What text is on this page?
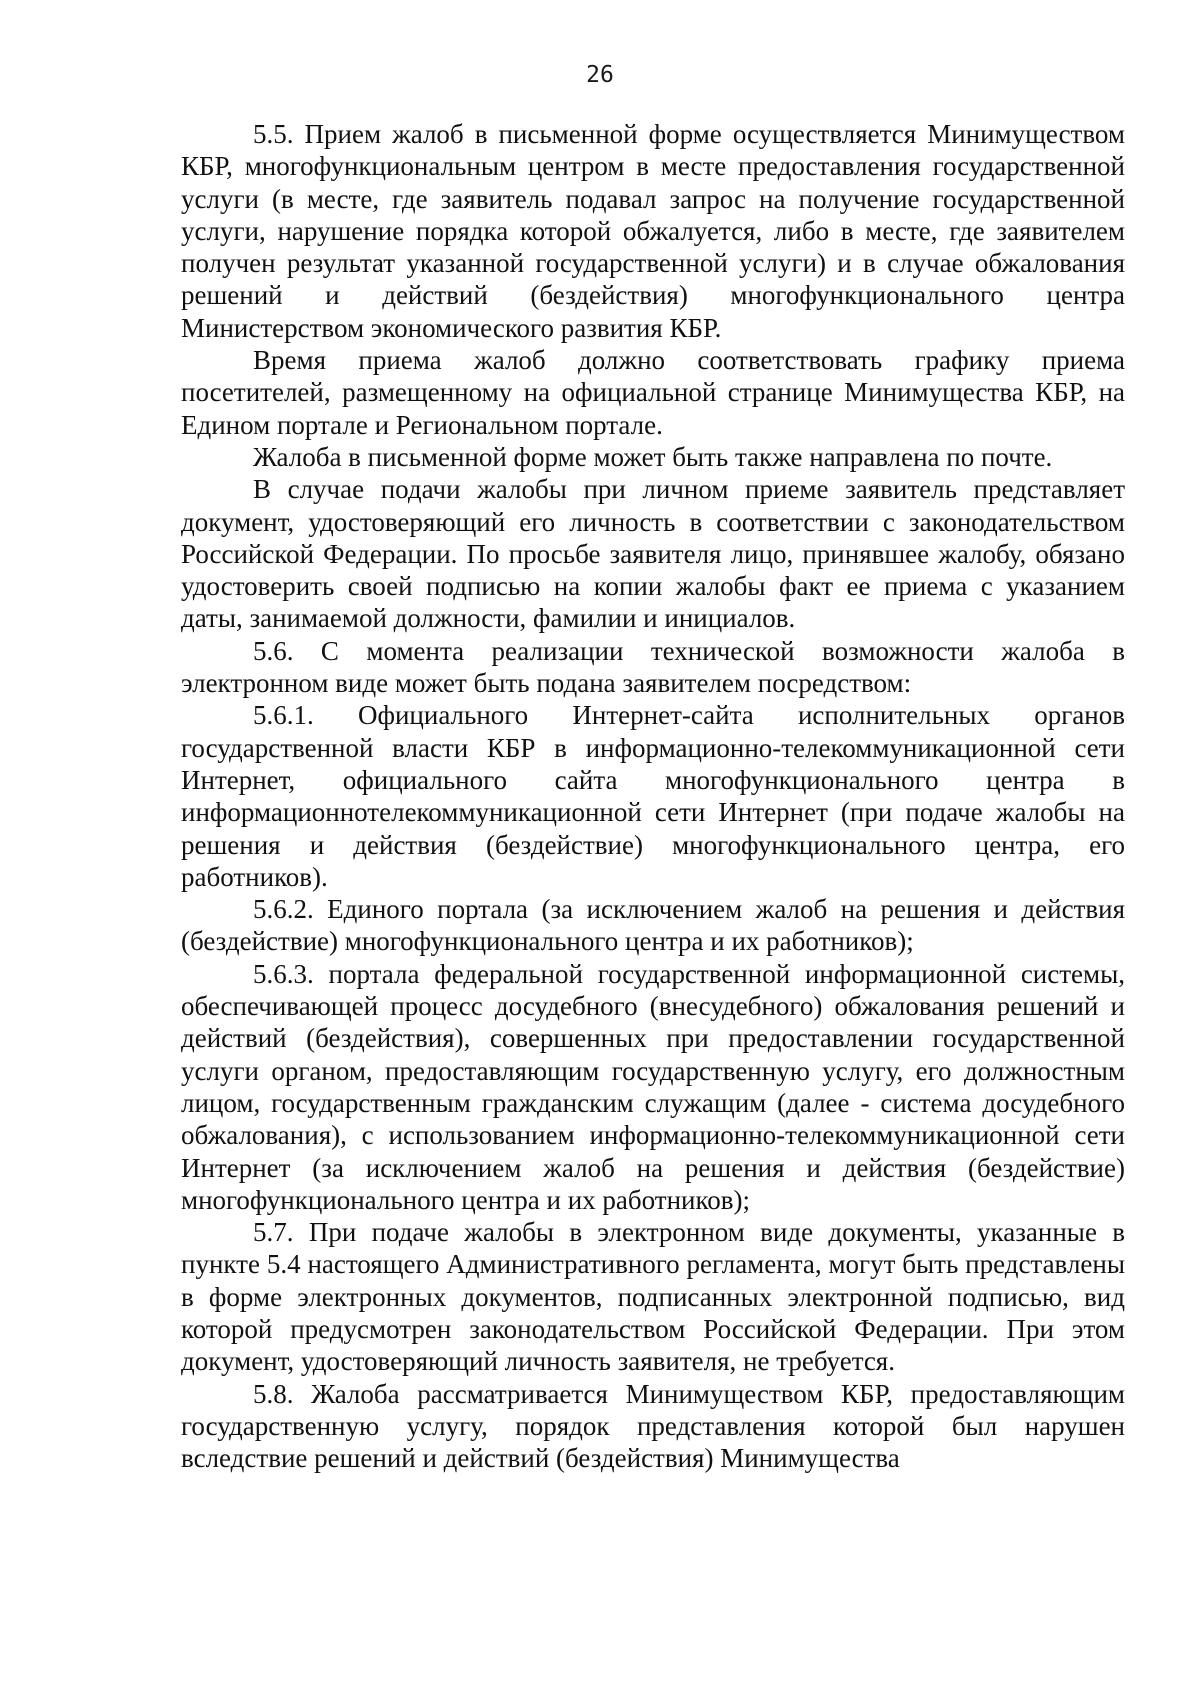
26

5.5. Прием жалоб в письменной форме осуществляется Минимуществом КБР, многофункциональным центром в месте предоставления государственной услуги (в месте, где заявитель подавал запрос на получение государственной услуги, нарушение порядка которой обжалуется, либо в месте, где заявителем получен результат указанной государственной услуги) и в случае обжалования решений и действий (бездействия) многофункционального центра Министерством экономического развития КБР.

Время приема жалоб должно соответствовать графику приема посетителей, размещенному на официальной странице Минимущества КБР, на Едином портале и Региональном портале.

Жалоба в письменной форме может быть также направлена по почте.

В случае подачи жалобы при личном приеме заявитель представляет документ, удостоверяющий его личность в соответствии с законодательством Российской Федерации. По просьбе заявителя лицо, принявшее жалобу, обязано удостоверить своей подписью на копии жалобы факт ее приема с указанием даты, занимаемой должности, фамилии и инициалов.

5.6. С момента реализации технической возможности жалоба в электронном виде может быть подана заявителем посредством:

5.6.1. Официального Интернет-сайта исполнительных органов государственной власти КБР в информационно-телекоммуникационной сети Интернет, официального сайта многофункционального центра в информационнотелекоммуникационной сети Интернет (при подаче жалобы на решения и действия (бездействие) многофункционального центра, его работников).

5.6.2. Единого портала (за исключением жалоб на решения и действия (бездействие) многофункционального центра и их работников);

5.6.3. портала федеральной государственной информационной системы, обеспечивающей процесс досудебного (внесудебного) обжалования решений и действий (бездействия), совершенных при предоставлении государственной услуги органом, предоставляющим государственную услугу, его должностным лицом, государственным гражданским служащим (далее - система досудебного обжалования), с использованием информационно-телекоммуникационной сети Интернет (за исключением жалоб на решения и действия (бездействие) многофункционального центра и их работников);

5.7. При подаче жалобы в электронном виде документы, указанные в пункте 5.4 настоящего Административного регламента, могут быть представлены в форме электронных документов, подписанных электронной подписью, вид которой предусмотрен законодательством Российской Федерации. При этом документ, удостоверяющий личность заявителя, не требуется.

5.8. Жалоба рассматривается Минимуществом КБР, предоставляющим государственную услугу, порядок представления которой был нарушен вследствие решений и действий (бездействия) Минимущества
